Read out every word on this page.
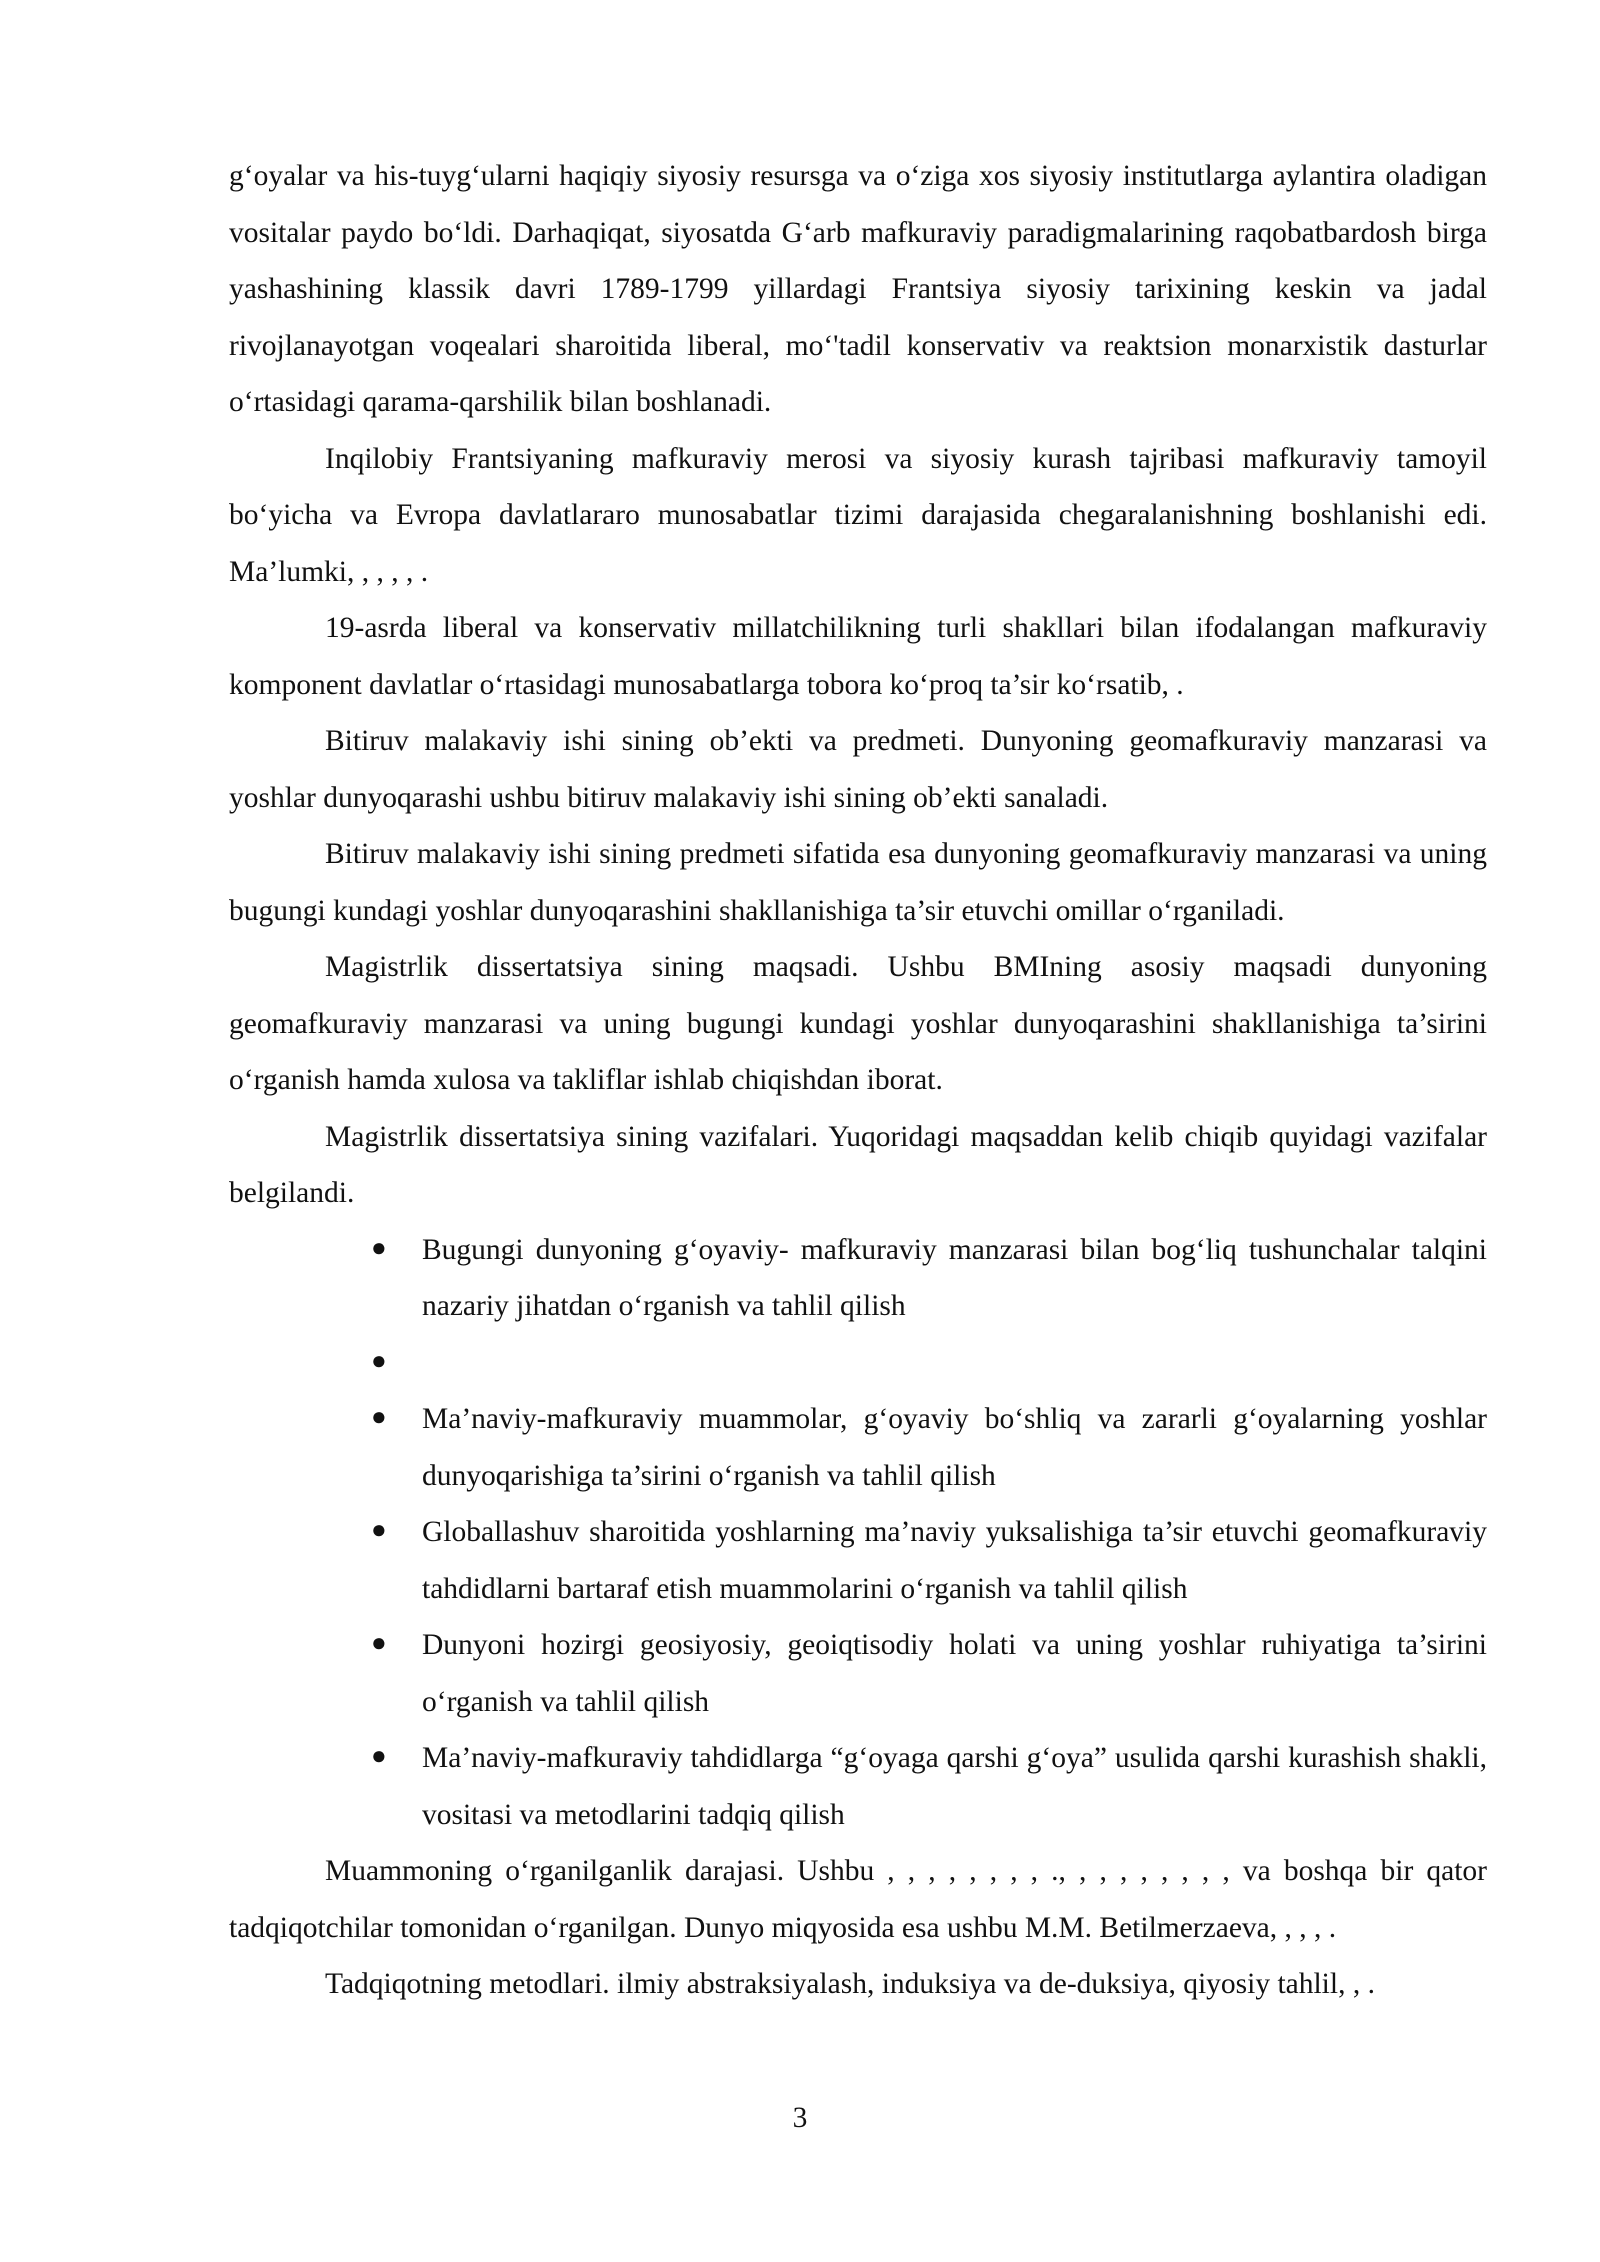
g‘oyalar va his-tuyg‘ularni haqiqiy siyosiy resursga va o‘ziga xos siyosiy institutlarga aylantira oladigan vositalar paydo bo‘ldi. Darhaqiqat, siyosatda G‘arb mafkuraviy paradigmalarining raqobatbardosh birga yashashining klassik davri 1789-1799 yillardagi Frantsiya siyosiy tarixining keskin va jadal rivojlanayotgan voqealari sharoitida liberal, mo‘'tadil konservativ va reaktsion monarxistik dasturlar o‘rtasidagi qarama-qarshilik bilan boshlanadi.

Inqilobiy Frantsiyaning mafkuraviy merosi va siyosiy kurash tajribasi mafkuraviy tamoyil bo‘yicha va Evropa davlatlararo munosabatlar tizimi darajasida chegaralanishning boshlanishi edi. Ma’lumki, , , , , .

19-asrda liberal va konservativ millatchilikning turli shakllari bilan ifodalangan mafkuraviy komponent davlatlar o‘rtasidagi munosabatlarga tobora ko‘proq ta’sir ko‘rsatib, .

Bitiruv malakaviy ishi sining ob’ekti va predmeti. Dunyoning geomafkuraviy manzarasi va yoshlar dunyoqarashi ushbu bitiruv malakaviy ishi sining ob’ekti sanaladi.

Bitiruv malakaviy ishi sining predmeti sifatida esa dunyoning geomafkuraviy manzarasi va uning bugungi kundagi yoshlar dunyoqarashini shakllanishiga ta’sir etuvchi omillar o‘rganiladi.

Magistrlik dissertatsiya sining maqsadi. Ushbu BMIning asosiy maqsadi dunyoning geomafkuraviy manzarasi va uning bugungi kundagi yoshlar dunyoqarashini shakllanishiga ta’sirini o‘rganish hamda xulosa va takliflar ishlab chiqishdan iborat.

Magistrlik dissertatsiya sining vazifalari. Yuqoridagi maqsaddan kelib chiqib quyidagi vazifalar belgilandi.

● Bugungi dunyoning g‘oyaviy- mafkuraviy manzarasi bilan bog‘liq tushunchalar talqini nazariy jihatdan o‘rganish va tahlil qilish
●
● Ma’naviy-mafkuraviy muammolar, g‘oyaviy bo‘shliq va zararli g‘oyalarning yoshlar dunyoqarishiga ta’sirini o‘rganish va tahlil qilish
● Globallashuv sharoitida yoshlarning ma’naviy yuksalishiga ta’sir etuvchi geomafkuraviy tahdidlarni bartaraf etish muammolarini o‘rganish va tahlil qilish
● Dunyoni hozirgi geosiyosiy, geoiqtisodiy holati va uning yoshlar ruhiyatiga ta’sirini o‘rganish va tahlil qilish
● Ma’naviy-mafkuraviy tahdidlarga “g‘oyaga qarshi g‘oya” usulida qarshi kurashish shakli, vositasi va metodlarini tadqiq qilish

Muammoning o‘rganilganlik darajasi. Ushbu , , , , , , , , ., , , , , , , , , va boshqa bir qator tadqiqotchilar tomonidan o‘rganilgan. Dunyo miqyosida esa ushbu M.M. Betilmerzaeva, , , , .

Tadqiqotning metodlari. ilmiy abstraksiyalash, induksiya va de-duksiya, qiyosiy tahlil, , .

3
